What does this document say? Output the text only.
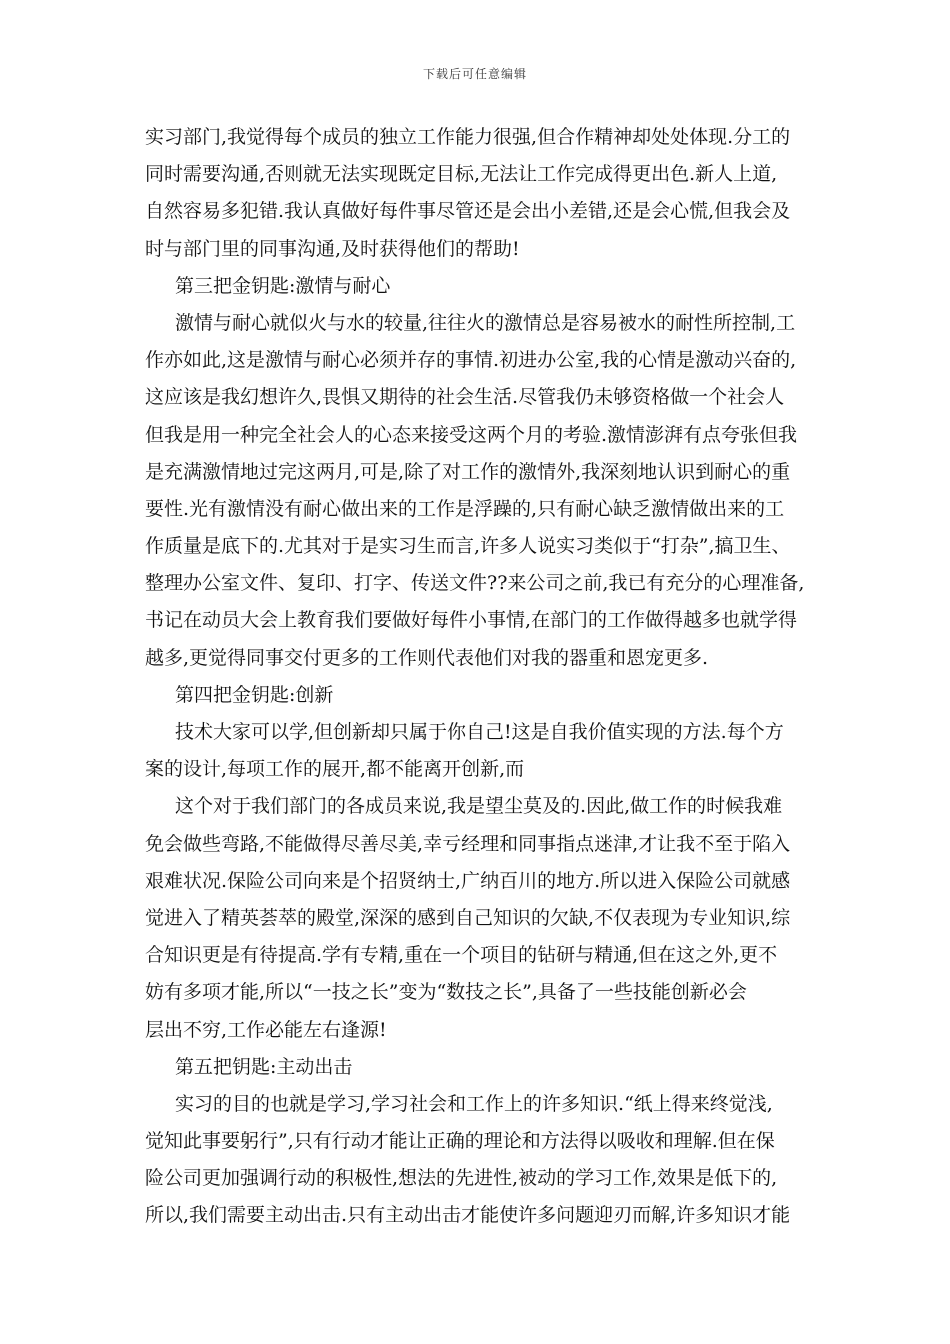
下载后可任意编辑
实习部门,我觉得每个成员的独立工作能力很强,但合作精神却处处体现.分工的
同时需要沟通,否则就无法实现既定目标,无法让工作完成得更出色.新人上道,
自然容易多犯错.我认真做好每件事尽管还是会出小差错,还是会心慌,但我会及
时与部门里的同事沟通,及时获得他们的帮助!
第三把金钥匙:激情与耐心
激情与耐心就似火与水的较量,往往火的激情总是容易被水的耐性所控制,工
作亦如此,这是激情与耐心必须并存的事情.初进办公室,我的心情是激动兴奋的,
这应该是我幻想许久,畏惧又期待的社会生活.尽管我仍未够资格做一个社会人
但我是用一种完全社会人的心态来接受这两个月的考验.激情澎湃有点夸张但我
是充满激情地过完这两月,可是,除了对工作的激情外,我深刻地认识到耐心的重
要性.光有激情没有耐心做出来的工作是浮躁的,只有耐心缺乏激情做出来的工
作质量是底下的.尤其对于是实习生而言,许多人说实习类似于“打杂”,搞卫生、
整理办公室文件、复印、打字、传送文件??来公司之前,我已有充分的心理准备,
书记在动员大会上教育我们要做好每件小事情,在部门的工作做得越多也就学得
越多,更觉得同事交付更多的工作则代表他们对我的器重和恩宠更多.
第四把金钥匙:创新
技术大家可以学,但创新却只属于你自己!这是自我价值实现的方法.每个方
案的设计,每项工作的展开,都不能离开创新,而
这个对于我们部门的各成员来说,我是望尘莫及的.因此,做工作的时候我难
免会做些弯路,不能做得尽善尽美,幸亏经理和同事指点迷津,才让我不至于陷入
艰难状况.保险公司向来是个招贤纳士,广纳百川的地方.所以进入保险公司就感
觉进入了精英荟萃的殿堂,深深的感到自己知识的欠缺,不仅表现为专业知识,综
合知识更是有待提高.学有专精,重在一个项目的钻研与精通,但在这之外,更不
妨有多项才能,所以“一技之长”变为“数技之长”,具备了一些技能创新必会
层出不穷,工作必能左右逢源!
第五把钥匙:主动出击
实习的目的也就是学习,学习社会和工作上的许多知识.“纸上得来终觉浅,
觉知此事要躬行”,只有行动才能让正确的理论和方法得以吸收和理解.但在保
险公司更加强调行动的积极性,想法的先进性,被动的学习工作,效果是低下的,
所以,我们需要主动出击.只有主动出击才能使许多问题迎刃而解,许多知识才能
